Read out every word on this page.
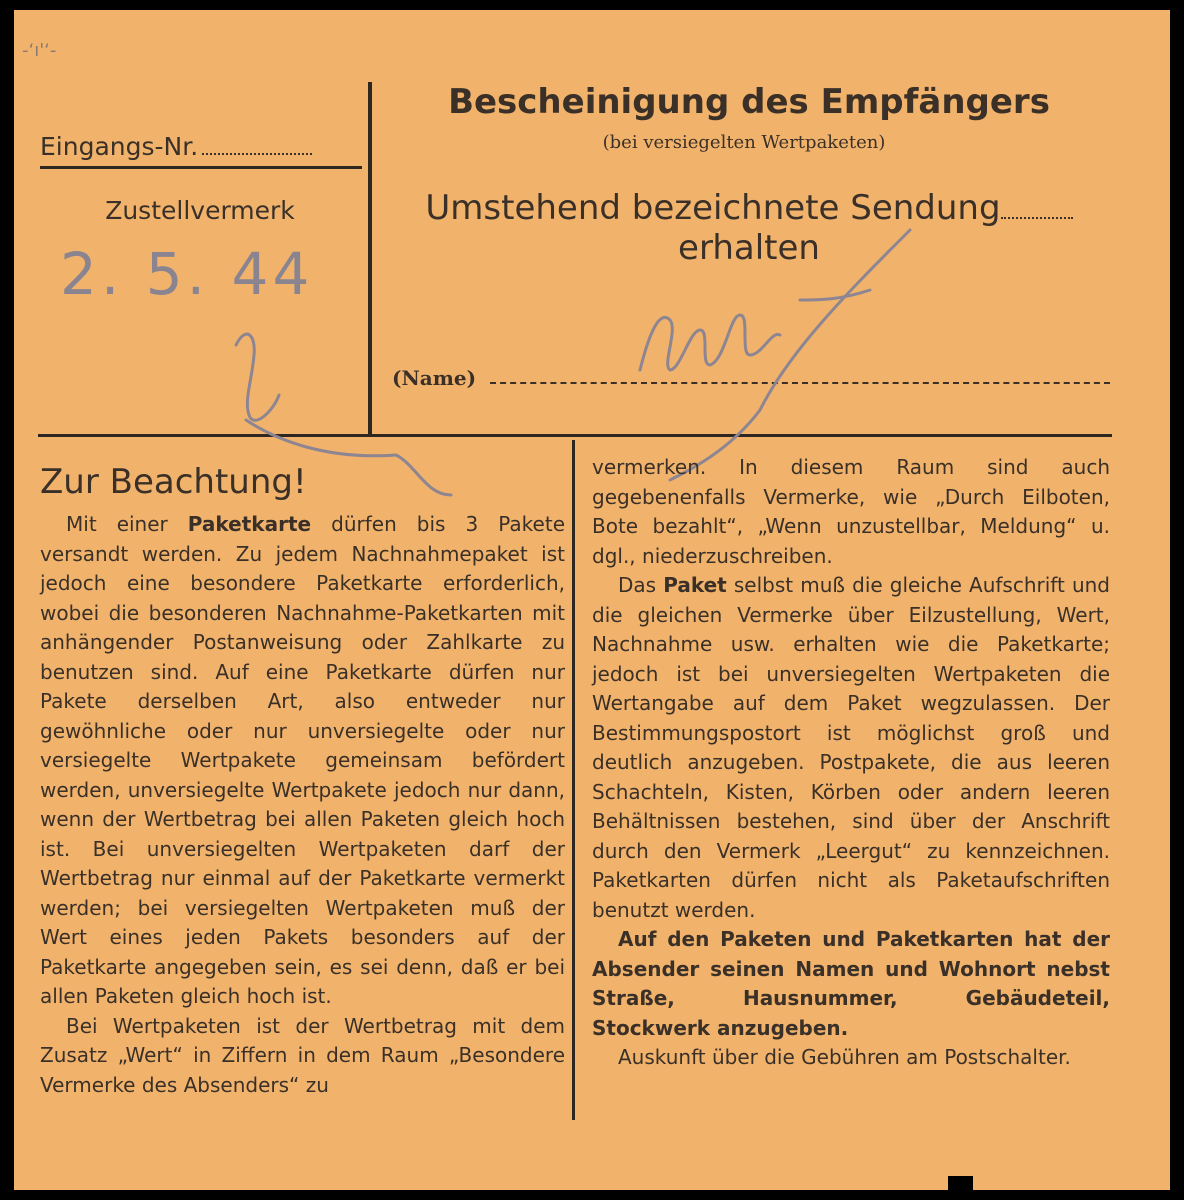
-ʻı'ʻ-
Eingangs-Nr.
Zustellvermerk
Bescheinigung des Empfängers
(bei versiegelten Wertpaketen)
Umstehend bezeichnete Sendung
erhalten
(Name)
2. 5. 44
Zur Beachtung!

Mit einer Paketkarte dürfen bis 3 Pakete versandt werden. Zu jedem Nachnahmepaket ist jedoch eine besondere Paketkarte erforderlich, wobei die besonderen Nachnahme-Paketkarten mit anhängender Postanweisung oder Zahlkarte zu benutzen sind. Auf eine Paketkarte dürfen nur Pakete derselben Art, also entweder nur gewöhnliche oder nur unversiegelte oder nur versiegelte Wertpakete gemeinsam befördert werden, unversiegelte Wertpakete jedoch nur dann, wenn der Wertbetrag bei allen Paketen gleich hoch ist. Bei unversiegelten Wertpaketen darf der Wertbetrag nur einmal auf der Paketkarte vermerkt werden; bei versiegelten Wertpaketen muß der Wert eines jeden Pakets besonders auf der Paketkarte angegeben sein, es sei denn, daß er bei allen Paketen gleich hoch ist.

Bei Wertpaketen ist der Wertbetrag mit dem Zusatz „Wert“ in Ziffern in dem Raum „Besondere Vermerke des Absenders“ zu

vermerken. In diesem Raum sind auch gegebenenfalls Vermerke, wie „Durch Eilboten, Bote bezahlt“, „Wenn unzustellbar, Meldung“ u. dgl., niederzuschreiben.

Das Paket selbst muß die gleiche Aufschrift und die gleichen Vermerke über Eilzustellung, Wert, Nachnahme usw. erhalten wie die Paketkarte; jedoch ist bei unversiegelten Wertpaketen die Wertangabe auf dem Paket wegzulassen. Der Bestimmungspostort ist möglichst groß und deutlich anzugeben. Postpakete, die aus leeren Schachteln, Kisten, Körben oder andern leeren Behältnissen bestehen, sind über der Anschrift durch den Vermerk „Leergut“ zu kennzeichnen. Paketkarten dürfen nicht als Paketaufschriften benutzt werden.

Auf den Paketen und Paketkarten hat der Absender seinen Namen und Wohnort nebst Straße, Hausnummer, Gebäudeteil, Stockwerk anzugeben.

Auskunft über die Gebühren am Postschalter.
